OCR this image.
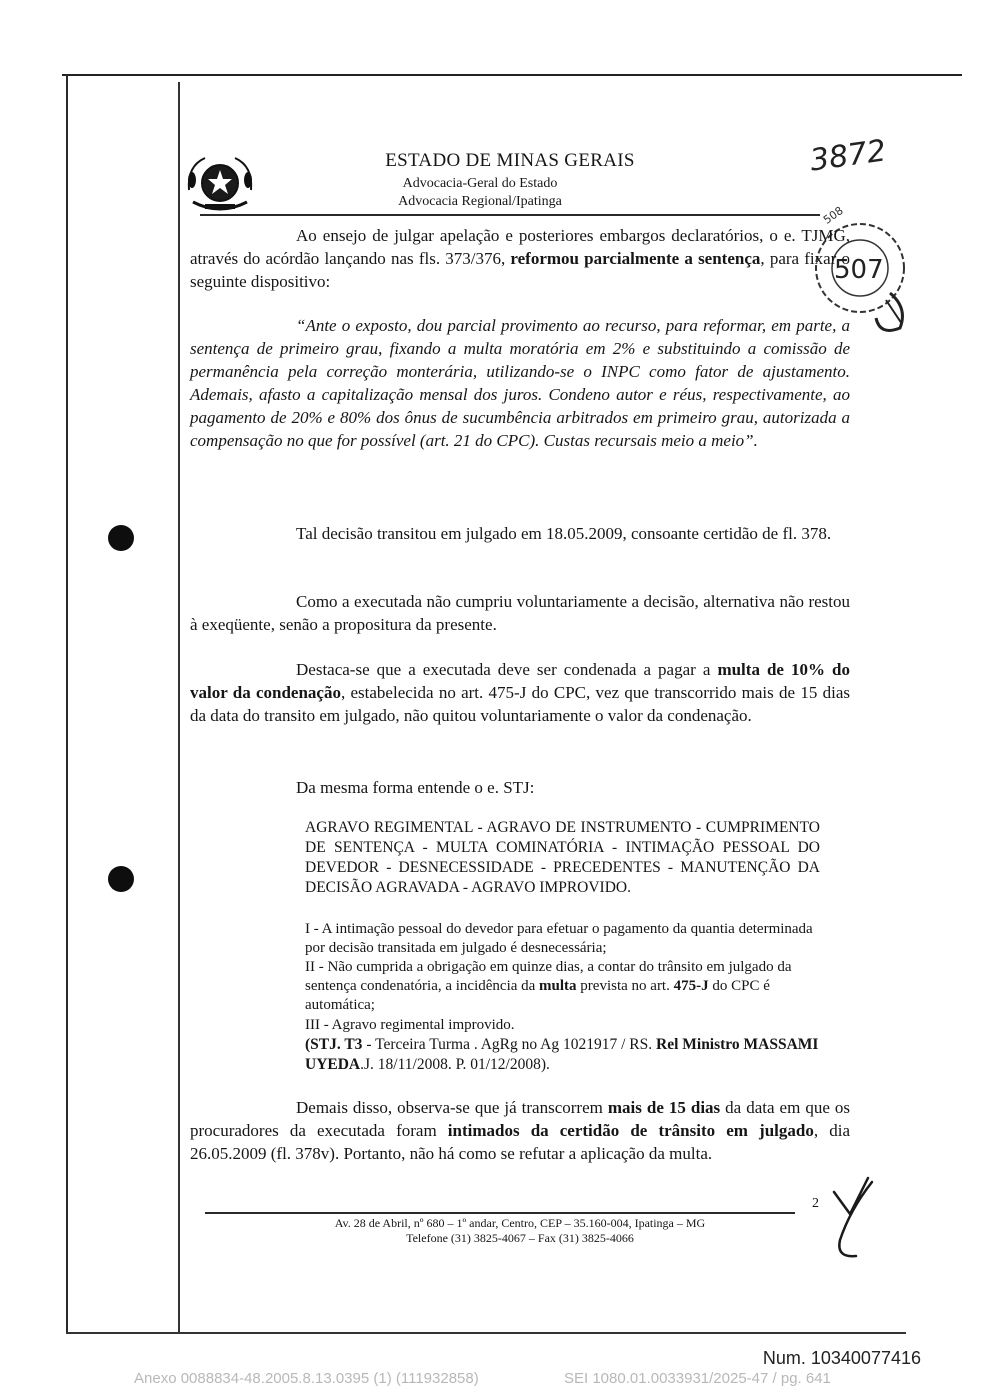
ESTADO DE MINAS GERAIS
Advocacia-Geral do Estado
Advocacia Regional/Ipatinga
3872
507
508

Ao ensejo de julgar apelação e posteriores embargos declaratórios, o e. TJMG, através do acórdão lançando nas fls. 373/376, reformou parcialmente a sentença, para fixar o seguinte dispositivo:

“Ante o exposto, dou parcial provimento ao recurso, para reformar, em parte, a sentença de primeiro grau, fixando a multa moratória em 2% e substituindo a comissão de permanência pela correção monterária, utilizando-se o INPC como fator de ajustamento. Ademais, afasto a capitalização mensal dos juros. Condeno autor e réus, respectivamente, ao pagamento de 20% e 80% dos ônus de sucumbência arbitrados em primeiro grau, autorizada a compensação no que for possível (art. 21 do CPC). Custas recursais meio a meio”.

Tal decisão transitou em julgado em 18.05.2009, consoante certidão de fl. 378.

Como a executada não cumpriu voluntariamente a decisão, alternativa não restou à exeqüente, senão a propositura da presente.

Destaca-se que a executada deve ser condenada a pagar a multa de 10% do valor da condenação, estabelecida no art. 475-J do CPC, vez que transcorrido mais de 15 dias da data do transito em julgado, não quitou voluntariamente o valor da condenação.

Da mesma forma entende o e. STJ:

AGRAVO REGIMENTAL - AGRAVO DE INSTRUMENTO - CUMPRIMENTO DE SENTENÇA - MULTA COMINATÓRIA - INTIMAÇÃO PESSOAL DO DEVEDOR - DESNECESSIDADE - PRECEDENTES - MANUTENÇÃO DA DECISÃO AGRAVADA - AGRAVO IMPROVIDO.

I - A intimação pessoal do devedor para efetuar o pagamento da quantia determinada por decisão transitada em julgado é desnecessária;

II - Não cumprida a obrigação em quinze dias, a contar do trânsito em julgado da sentença condenatória, a incidência da multa prevista no art. 475-J do CPC é automática;

III - Agravo regimental improvido.

(STJ. T3 - Terceira Turma . AgRg no Ag 1021917 / RS. Rel Ministro MASSAMI UYEDA.J. 18/11/2008. P. 01/12/2008).

Demais disso, observa-se que já transcorrem mais de 15 dias da data em que os procuradores da executada foram intimados da certidão de trânsito em julgado, dia 26.05.2009 (fl. 378v). Portanto, não há como se refutar a aplicação da multa.

2
Av. 28 de Abril, nº 680 – 1º andar, Centro, CEP – 35.160-004, Ipatinga – MG
Telefone (31) 3825-4067 – Fax (31) 3825-4066
Num. 10340077416
Anexo 0088834-48.2005.8.13.0395 (1) (111932858)	SEI 1080.01.0033931/2025-47 / pg. 641
